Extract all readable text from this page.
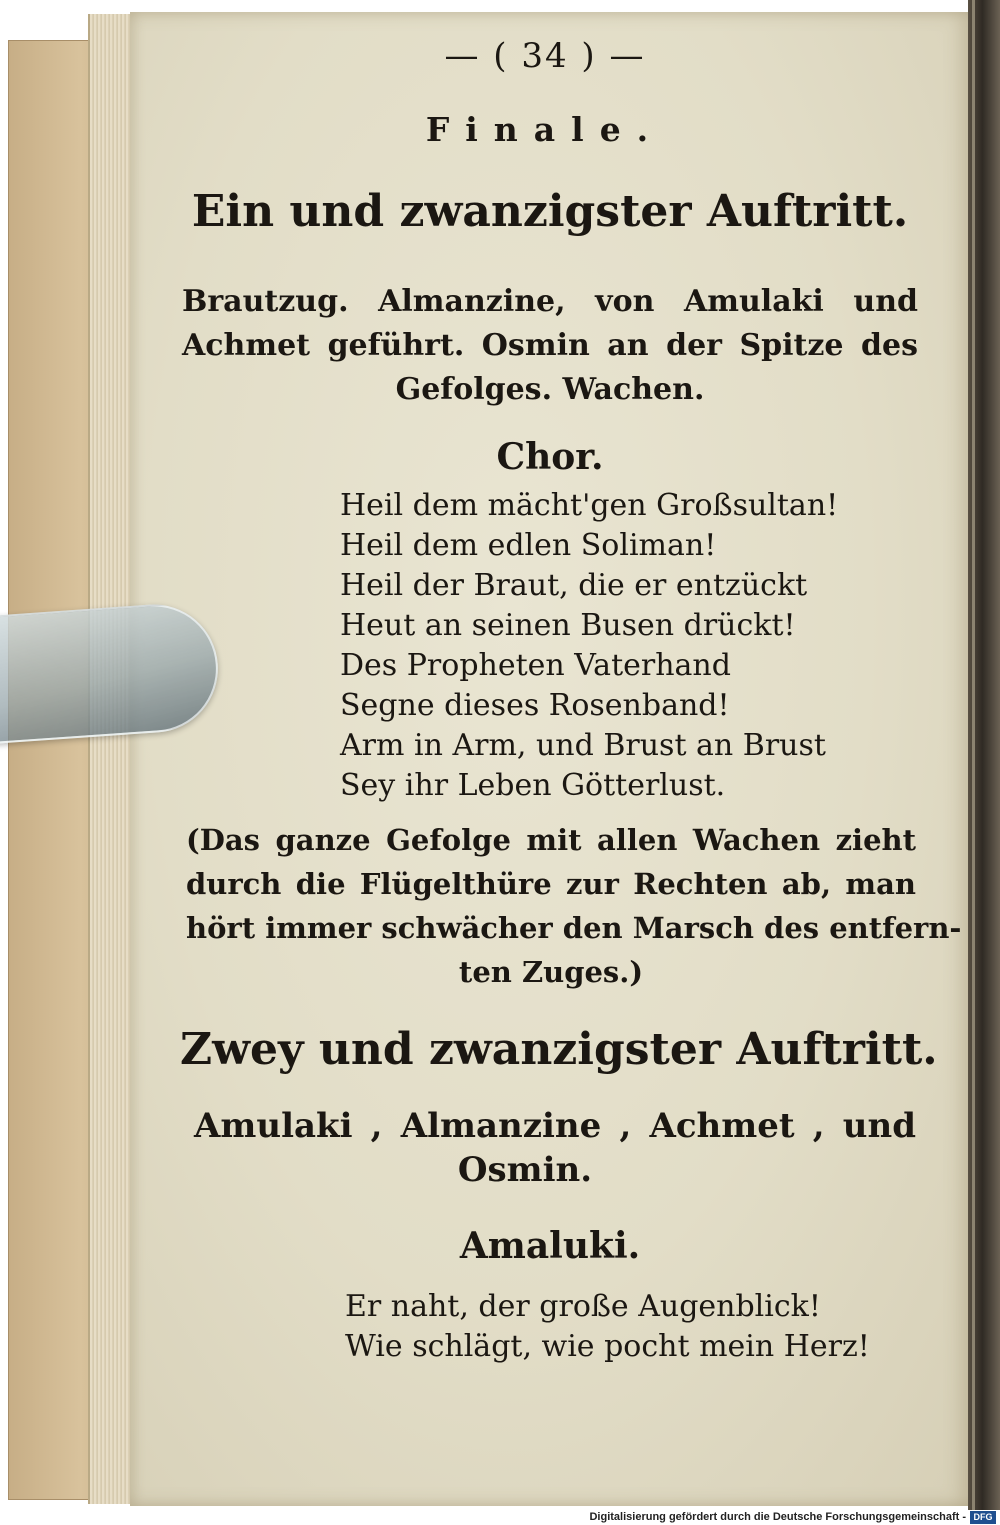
— ( 34 ) —
Finale.
Ein und zwanzigster Auftritt.
Brautzug. Almanzine, von Amulaki und
Achmet geführt. Osmin an der Spitze des
Gefolges. Wachen.
Chor.
Heil dem mächt'gen Großsultan!
Heil dem edlen Soliman!
Heil der Braut, die er entzückt
Heut an seinen Busen drückt!
Des Propheten Vaterhand
Segne dieses Rosenband!
Arm in Arm, und Brust an Brust
Sey ihr Leben Götterlust.
(Das ganze Gefolge mit allen Wachen zieht
durch die Flügelthüre zur Rechten ab, man
hört immer schwächer den Marsch des entfern-
ten Zuges.)
Zwey und zwanzigster Auftritt.
Amulaki , Almanzine , Achmet , und
Osmin.
Amaluki.
Er naht, der große Augenblick!
Wie schlägt, wie pocht mein Herz!
Digitalisierung gefördert durch die Deutsche Forschungsgemeinschaft - DFG
